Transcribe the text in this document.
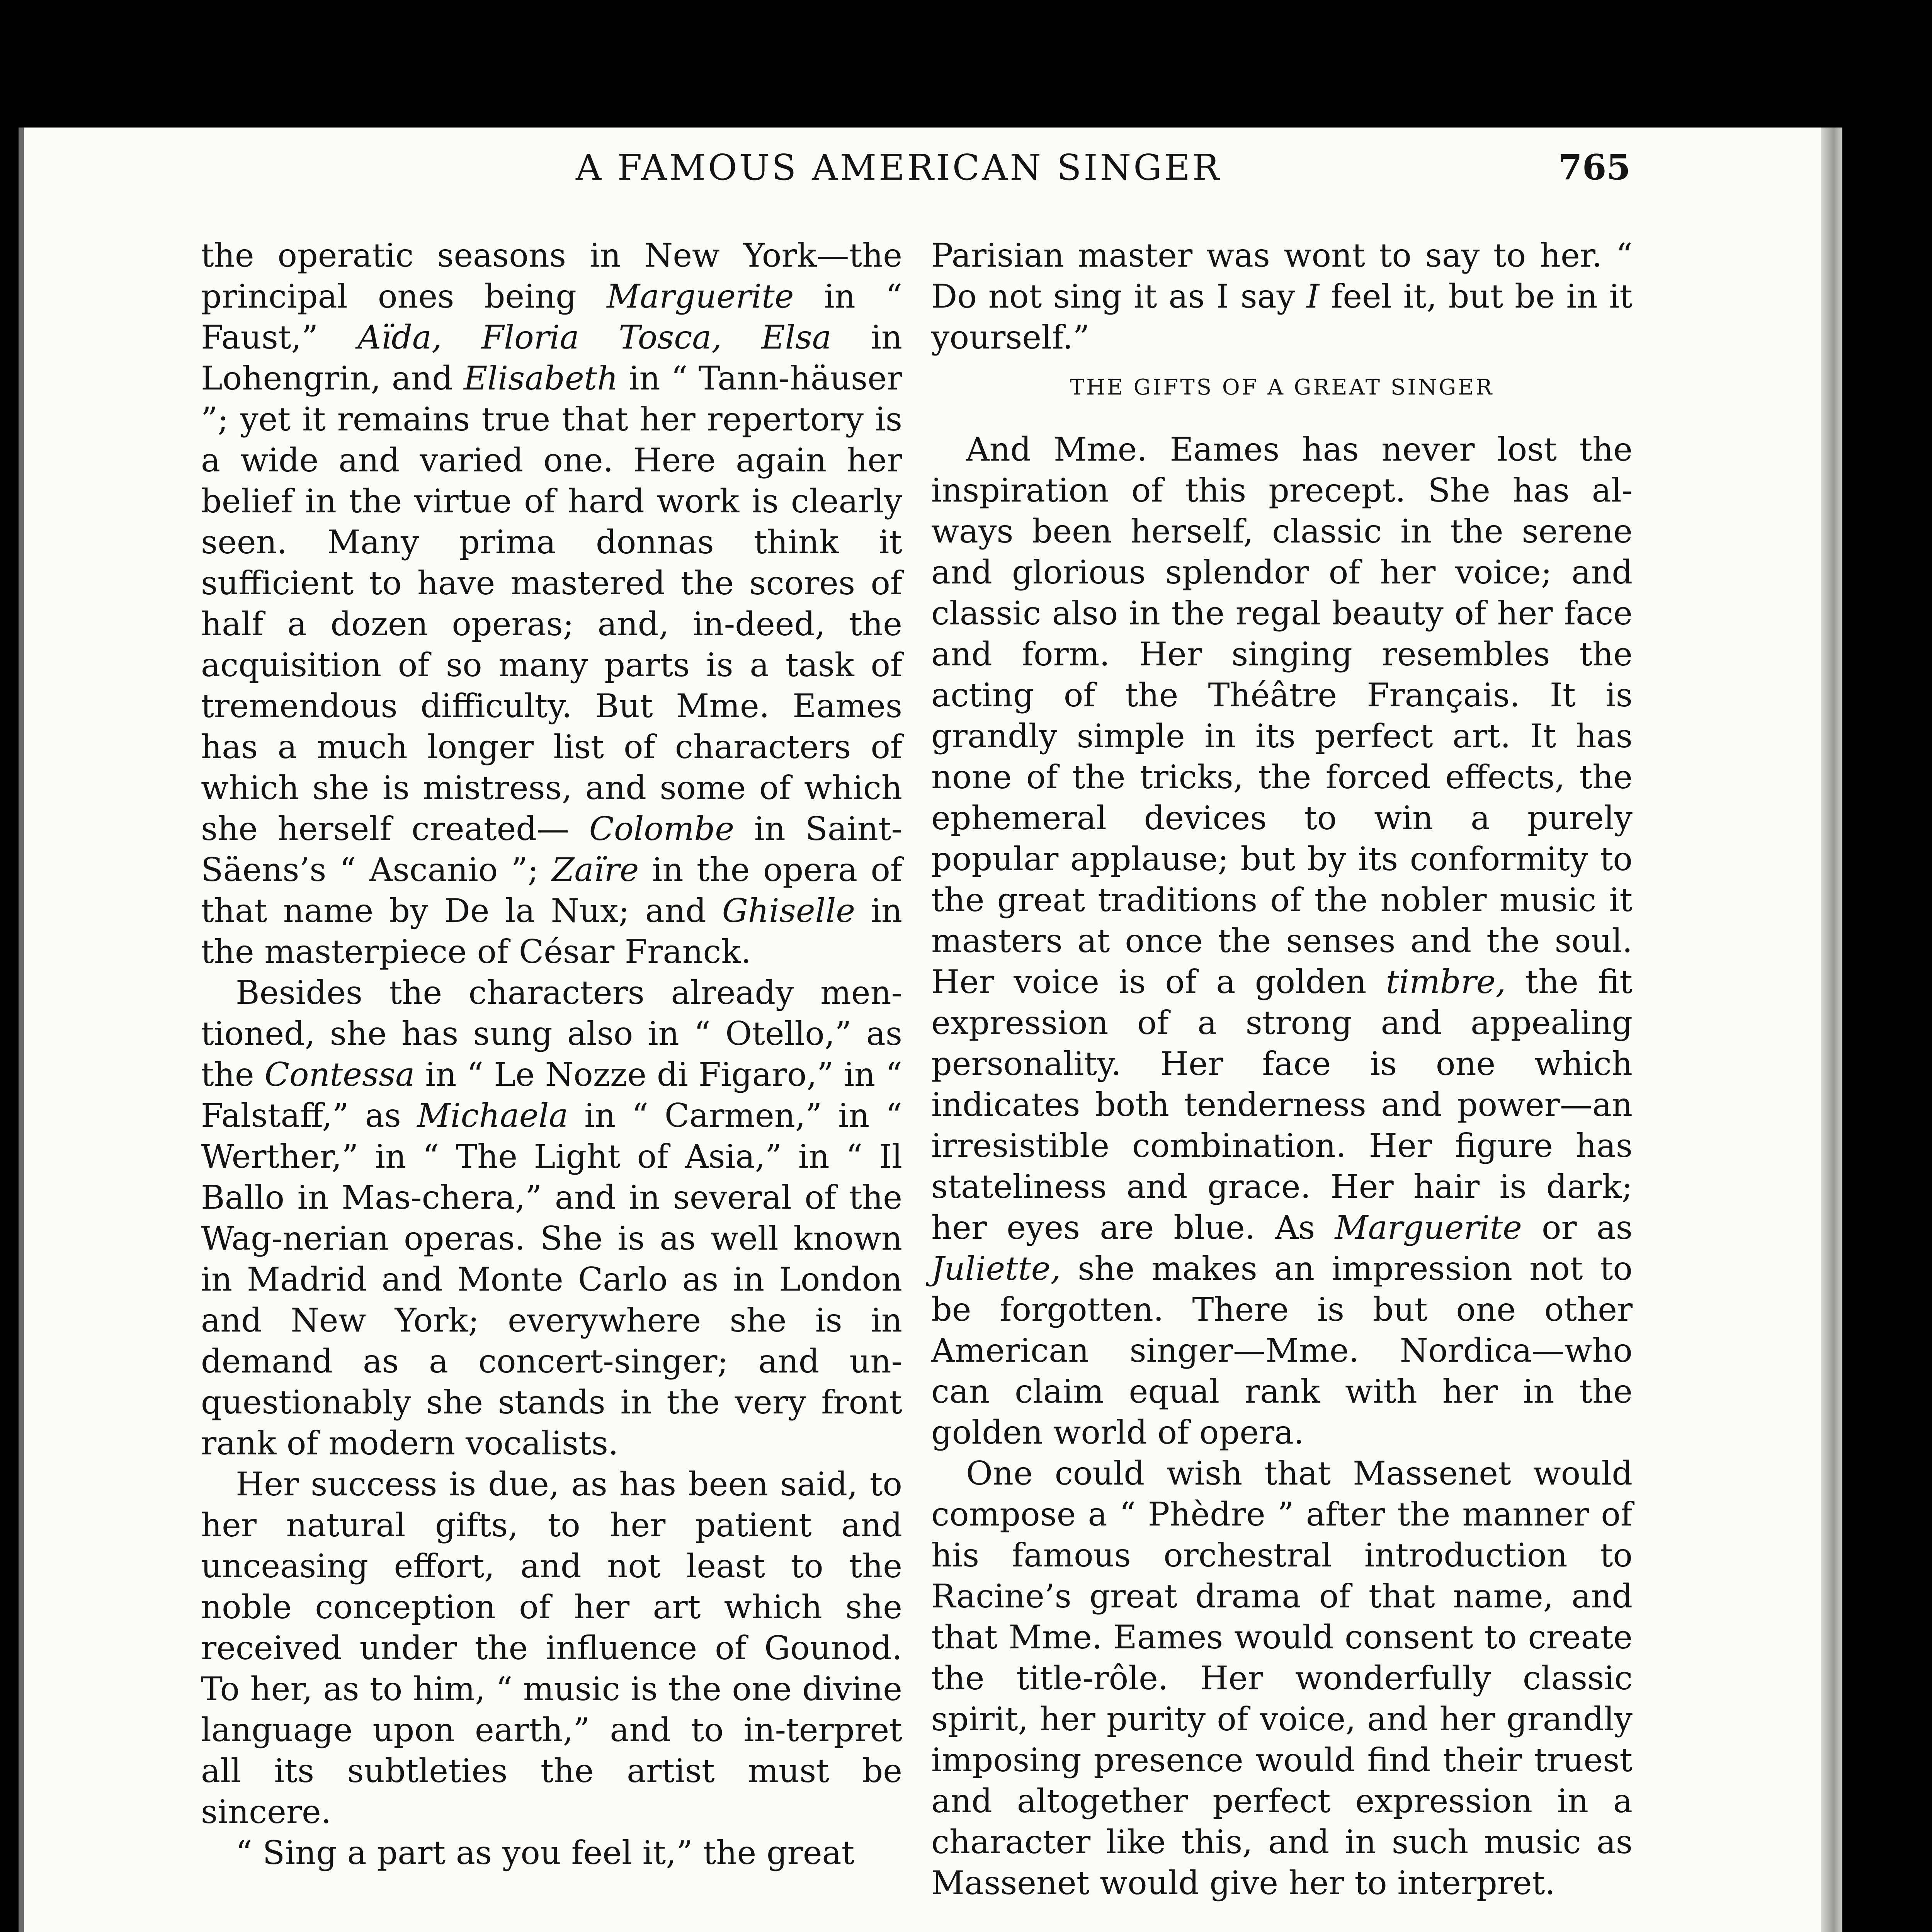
A FAMOUS AMERICAN SINGER	765

the operatic seasons in New York—the principal ones being Marguerite in “ Faust,” Aïda, Floria Tosca, Elsa in Lohengrin, and Elisabeth in “ Tann-häuser ”; yet it remains true that her repertory is a wide and varied one. Here again her belief in the virtue of hard work is clearly seen. Many prima donnas think it sufficient to have mastered the scores of half a dozen operas; and, in-deed, the acquisition of so many parts is a task of tremendous difficulty. But Mme. Eames has a much longer list of characters of which she is mistress, and some of which she herself created— Colombe in Saint-Säens’s “ Ascanio ”; Zaïre in the opera of that name by De la Nux; and Ghiselle in the masterpiece of César Franck.

Besides the characters already men-tioned, she has sung also in “ Otello,” as the Contessa in “ Le Nozze di Figaro,” in “ Falstaff,” as Michaela in “ Carmen,” in “ Werther,” in “ The Light of Asia,” in “ Il Ballo in Mas-chera,” and in several of the Wag-nerian operas. She is as well known in Madrid and Monte Carlo as in London and New York; everywhere she is in demand as a concert-singer; and un-questionably she stands in the very front rank of modern vocalists.

Her success is due, as has been said, to her natural gifts, to her patient and unceasing effort, and not least to the noble conception of her art which she received under the influence of Gounod. To her, as to him, “ music is the one divine language upon earth,” and to in-terpret all its subtleties the artist must be sincere.

“ Sing a part as you feel it,” the great

Parisian master was wont to say to her. “ Do not sing it as I say I feel it, but be in it yourself.”

THE GIFTS OF A GREAT SINGER

And Mme. Eames has never lost the inspiration of this precept. She has al-ways been herself, classic in the serene and glorious splendor of her voice; and classic also in the regal beauty of her face and form. Her singing resembles the acting of the Théâtre Français. It is grandly simple in its perfect art. It has none of the tricks, the forced effects, the ephemeral devices to win a purely popular applause; but by its conformity to the great traditions of the nobler music it masters at once the senses and the soul. Her voice is of a golden timbre, the fit expression of a strong and appealing personality. Her face is one which indicates both tenderness and power—an irresistible combination. Her figure has stateliness and grace. Her hair is dark; her eyes are blue. As Marguerite or as Juliette, she makes an impression not to be forgotten. There is but one other American singer—Mme. Nordica—who can claim equal rank with her in the golden world of opera.

One could wish that Massenet would compose a “ Phèdre ” after the manner of his famous orchestral introduction to Racine’s great drama of that name, and that Mme. Eames would consent to create the title-rôle. Her wonderfully classic spirit, her purity of voice, and her grandly imposing presence would find their truest and altogether perfect expression in a character like this, and in such music as Massenet would give her to interpret.
